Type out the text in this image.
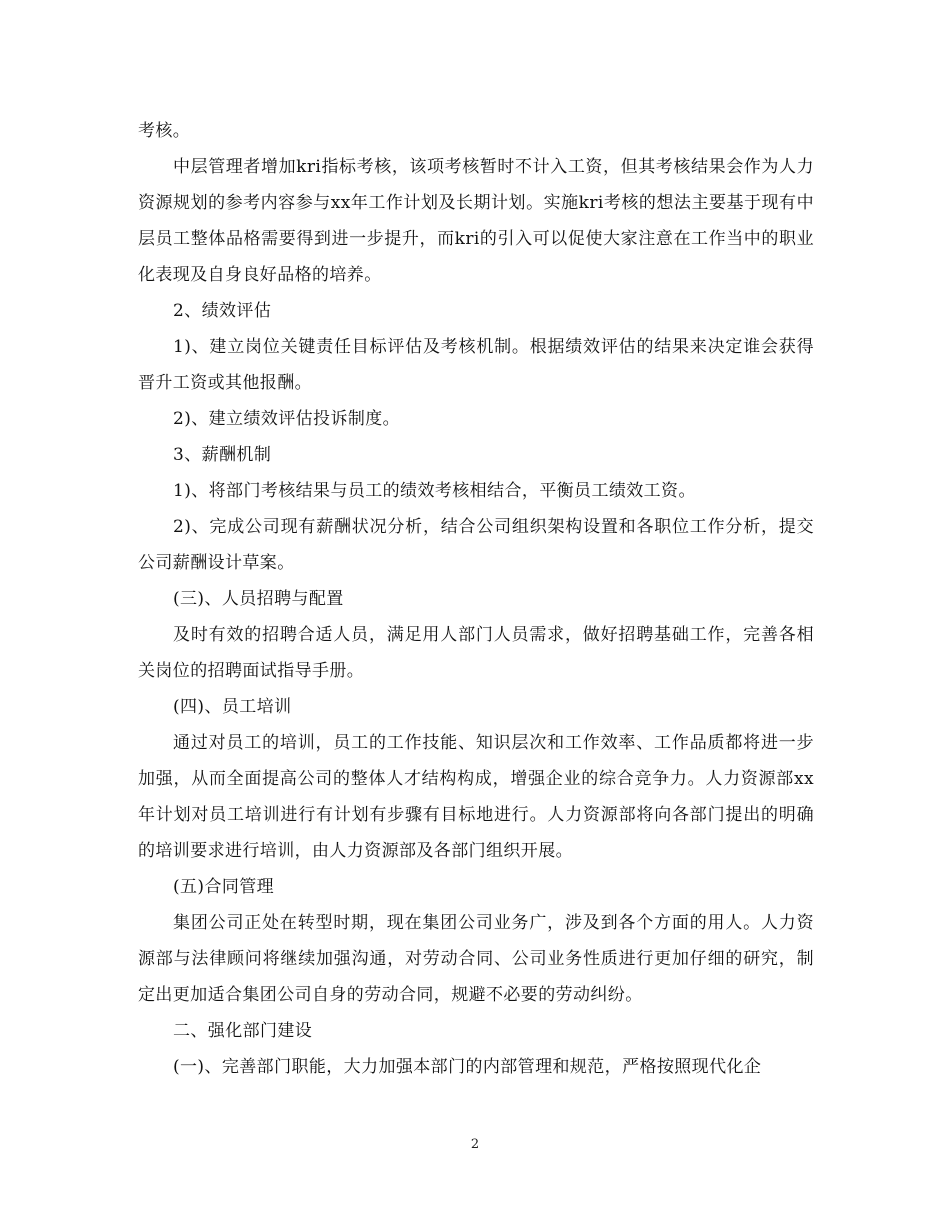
考核。

中层管理者增加kri指标考核，该项考核暂时不计入工资，但其考核结果会作为人力资源规划的参考内容参与xx年工作计划及长期计划。实施kri考核的想法主要基于现有中层员工整体品格需要得到进一步提升，而kri的引入可以促使大家注意在工作当中的职业化表现及自身良好品格的培养。

2、绩效评估

1)、建立岗位关键责任目标评估及考核机制。根据绩效评估的结果来决定谁会获得晋升工资或其他报酬。

2)、建立绩效评估投诉制度。

3、薪酬机制

1)、将部门考核结果与员工的绩效考核相结合，平衡员工绩效工资。

2)、完成公司现有薪酬状况分析，结合公司组织架构设置和各职位工作分析，提交公司薪酬设计草案。

(三)、人员招聘与配置

及时有效的招聘合适人员，满足用人部门人员需求，做好招聘基础工作，完善各相关岗位的招聘面试指导手册。

(四)、员工培训

通过对员工的培训，员工的工作技能、知识层次和工作效率、工作品质都将进一步加强，从而全面提高公司的整体人才结构构成，增强企业的综合竞争力。人力资源部xx年计划对员工培训进行有计划有步骤有目标地进行。人力资源部将向各部门提出的明确的培训要求进行培训，由人力资源部及各部门组织开展。

(五)合同管理

集团公司正处在转型时期，现在集团公司业务广，涉及到各个方面的用人。人力资源部与法律顾问将继续加强沟通，对劳动合同、公司业务性质进行更加仔细的研究，制定出更加适合集团公司自身的劳动合同，规避不必要的劳动纠纷。

二、强化部门建设

(一)、完善部门职能，大力加强本部门的内部管理和规范，严格按照现代化企

2
